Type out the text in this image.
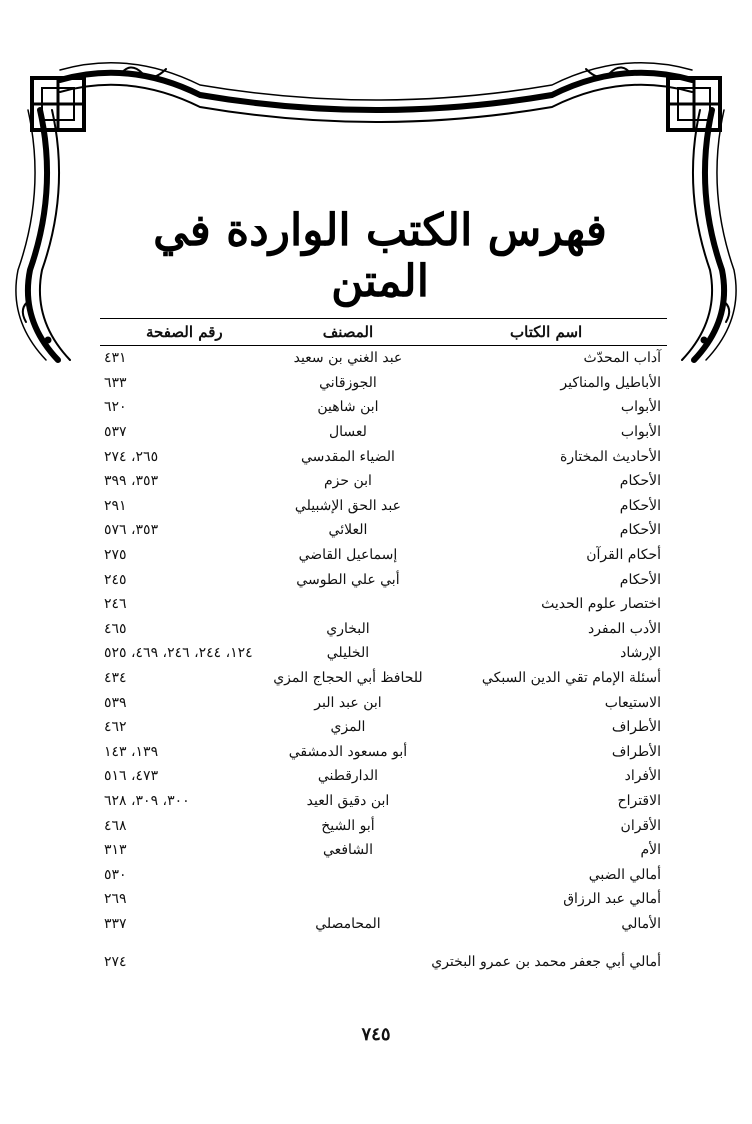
فهرس الكتب الواردة في المتن
اسم الكتاب	المصنف	رقم الصفحة
آداب المحدّث	عبد الغني بن سعيد	٤٣١
الأباطيل والمناكير	الجوزقاني	٦٣٣
الأبواب	ابن شاهين	٦٢٠
الأبواب	لعسال	٥٣٧
الأحاديث المختارة	الضياء المقدسي	٢٦٥، ٢٧٤
الأحكام	ابن حزم	٣٥٣، ٣٩٩
الأحكام	عبد الحق الإشبيلي	٢٩١
الأحكام	العلائي	٣٥٣، ٥٧٦
أحكام القرآن	إسماعيل القاضي	٢٧٥
الأحكام	أبي علي الطوسي	٢٤٥
اختصار علوم الحديث		٢٤٦
الأدب المفرد	البخاري	٤٦٥
الإرشاد	الخليلي	١٢٤، ٢٤٤، ٢٤٦، ٤٦٩، ٥٢٥
أسئلة الإمام تقي الدين السبكي	للحافظ أبي الحجاج المزي	٤٣٤
الاستيعاب	ابن عبد البر	٥٣٩
الأطراف	المزي	٤٦٢
الأطراف	أبو مسعود الدمشقي	١٣٩، ١٤٣
الأفراد	الدارقطني	٤٧٣، ٥١٦
الاقتراح	ابن دقيق العيد	٣٠٠، ٣٠٩، ٦٢٨
الأقران	أبو الشيخ	٤٦٨
الأم	الشافعي	٣١٣
أمالي الضبي		٥٣٠
أمالي عبد الرزاق		٢٦٩
الأمالي	المحامصلي	٣٣٧
أمالي أبي جعفر محمد بن عمرو البختري		٢٧٤
٧٤٥
